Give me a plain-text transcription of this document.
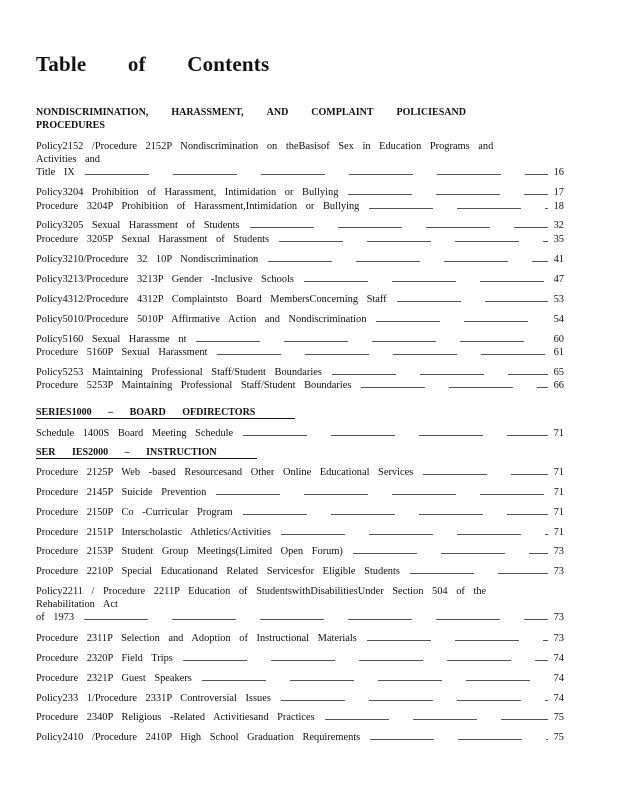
Table of Contents
NONDISCRIMINATION, HARASSMENT, AND COMPLAINT POLICIESAND
PROCEDURES
Policy2152 /Procedure 2152P Nondiscrimination on theBasisof Sex in Education Programs and
Activities and
Title IX	16
Policy3204 Prohibition of Harassment, Intimidation or Bullying	17
Procedure 3204P Prohibition of Harassment,Intimidation or Bullying	18
Policy3205 Sexual Harassment of Students	32
Procedure 3205P Sexual Harassment of Students	35
Policy3210/Procedure 32 10P Nondiscrimination	41
Policy3213/Procedure 3213P Gender -Inclusive Schools	47
Policy4312/Procedure 4312P Complaintsto Board MembersConcerning Staff	53
Policy5010/Procedure 5010P Affirmative Action and Nondiscrimination	54
Policy5160 Sexual Harassme nt	60
Procedure 5160P Sexual Harassment	61
Policy5253 Maintaining Professional Staff/Student Boundaries	65
Procedure 5253P Maintaining Professional Staff/Student Boundaries	66
SERIES1000 – BOARD OFDIRECTORS
Schedule 1400S Board Meeting Schedule	71
SER IES2000 – INSTRUCTION
Procedure 2125P Web -based Resourcesand Other Online Educational Services	71
Procedure 2145P Suicide Prevention	71
Procedure 2150P Co -Curricular Program	71
Procedure 2151P Interscholastic Athletics/Activities	71
Procedure 2153P Student Group Meetings(Limited Open Forum)	73
Procedure 2210P Special Educationand Related Servicesfor Eligible Students	73
Policy2211 / Procedure 2211P Education of StudentswithDisabilitiesUnder Section 504 of the
Rehabilitation Act
of 1973	73
Procedure 2311P Selection and Adoption of Instructional Materials	73
Procedure 2320P Field Trips	74
Procedure 2321P Guest Speakers	74
Policy233 1/Procedure 2331P Controversial Issues	74
Procedure 2340P Religious -Related Activitiesand Practices	75
Policy2410 /Procedure 2410P High School Graduation Requirements	75
